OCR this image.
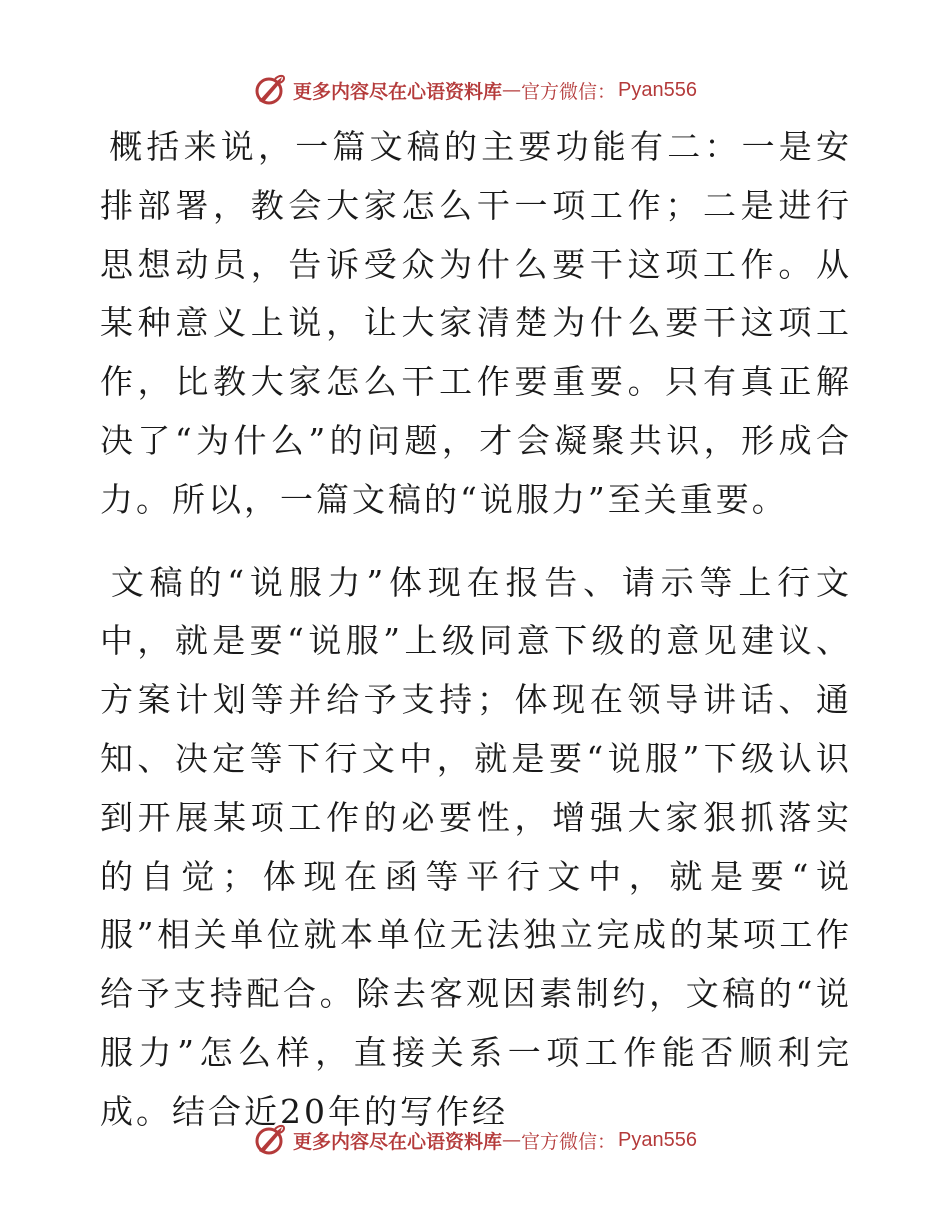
更多内容尽在心语资料库 — 官方微信： Pyan556

概括来说，一篇文稿的主要功能有二：一是安排部署，教会大家怎么干一项工作；二是进行思想动员，告诉受众为什么要干这项工作。从某种意义上说，让大家清楚为什么要干这项工作，比教大家怎么干工作要重要。只有真正解决了“为什么”的问题，才会凝聚共识，形成合力。所以，一篇文稿的“说服力”至关重要。

文稿的“说服力”体现在报告、请示等上行文中，就是要“说服”上级同意下级的意见建议、方案计划等并给予支持；体现在领导讲话、通知、决定等下行文中，就是要“说服”下级认识到开展某项工作的必要性，增强大家狠抓落实的自觉；体现在函等平行文中，就是要“说服”相关单位就本单位无法独立完成的某项工作给予支持配合。除去客观因素制约，文稿的“说服力”怎么样，直接关系一项工作能否顺利完成。结合近20年的写作经

更多内容尽在心语资料库 — 官方微信： Pyan556
